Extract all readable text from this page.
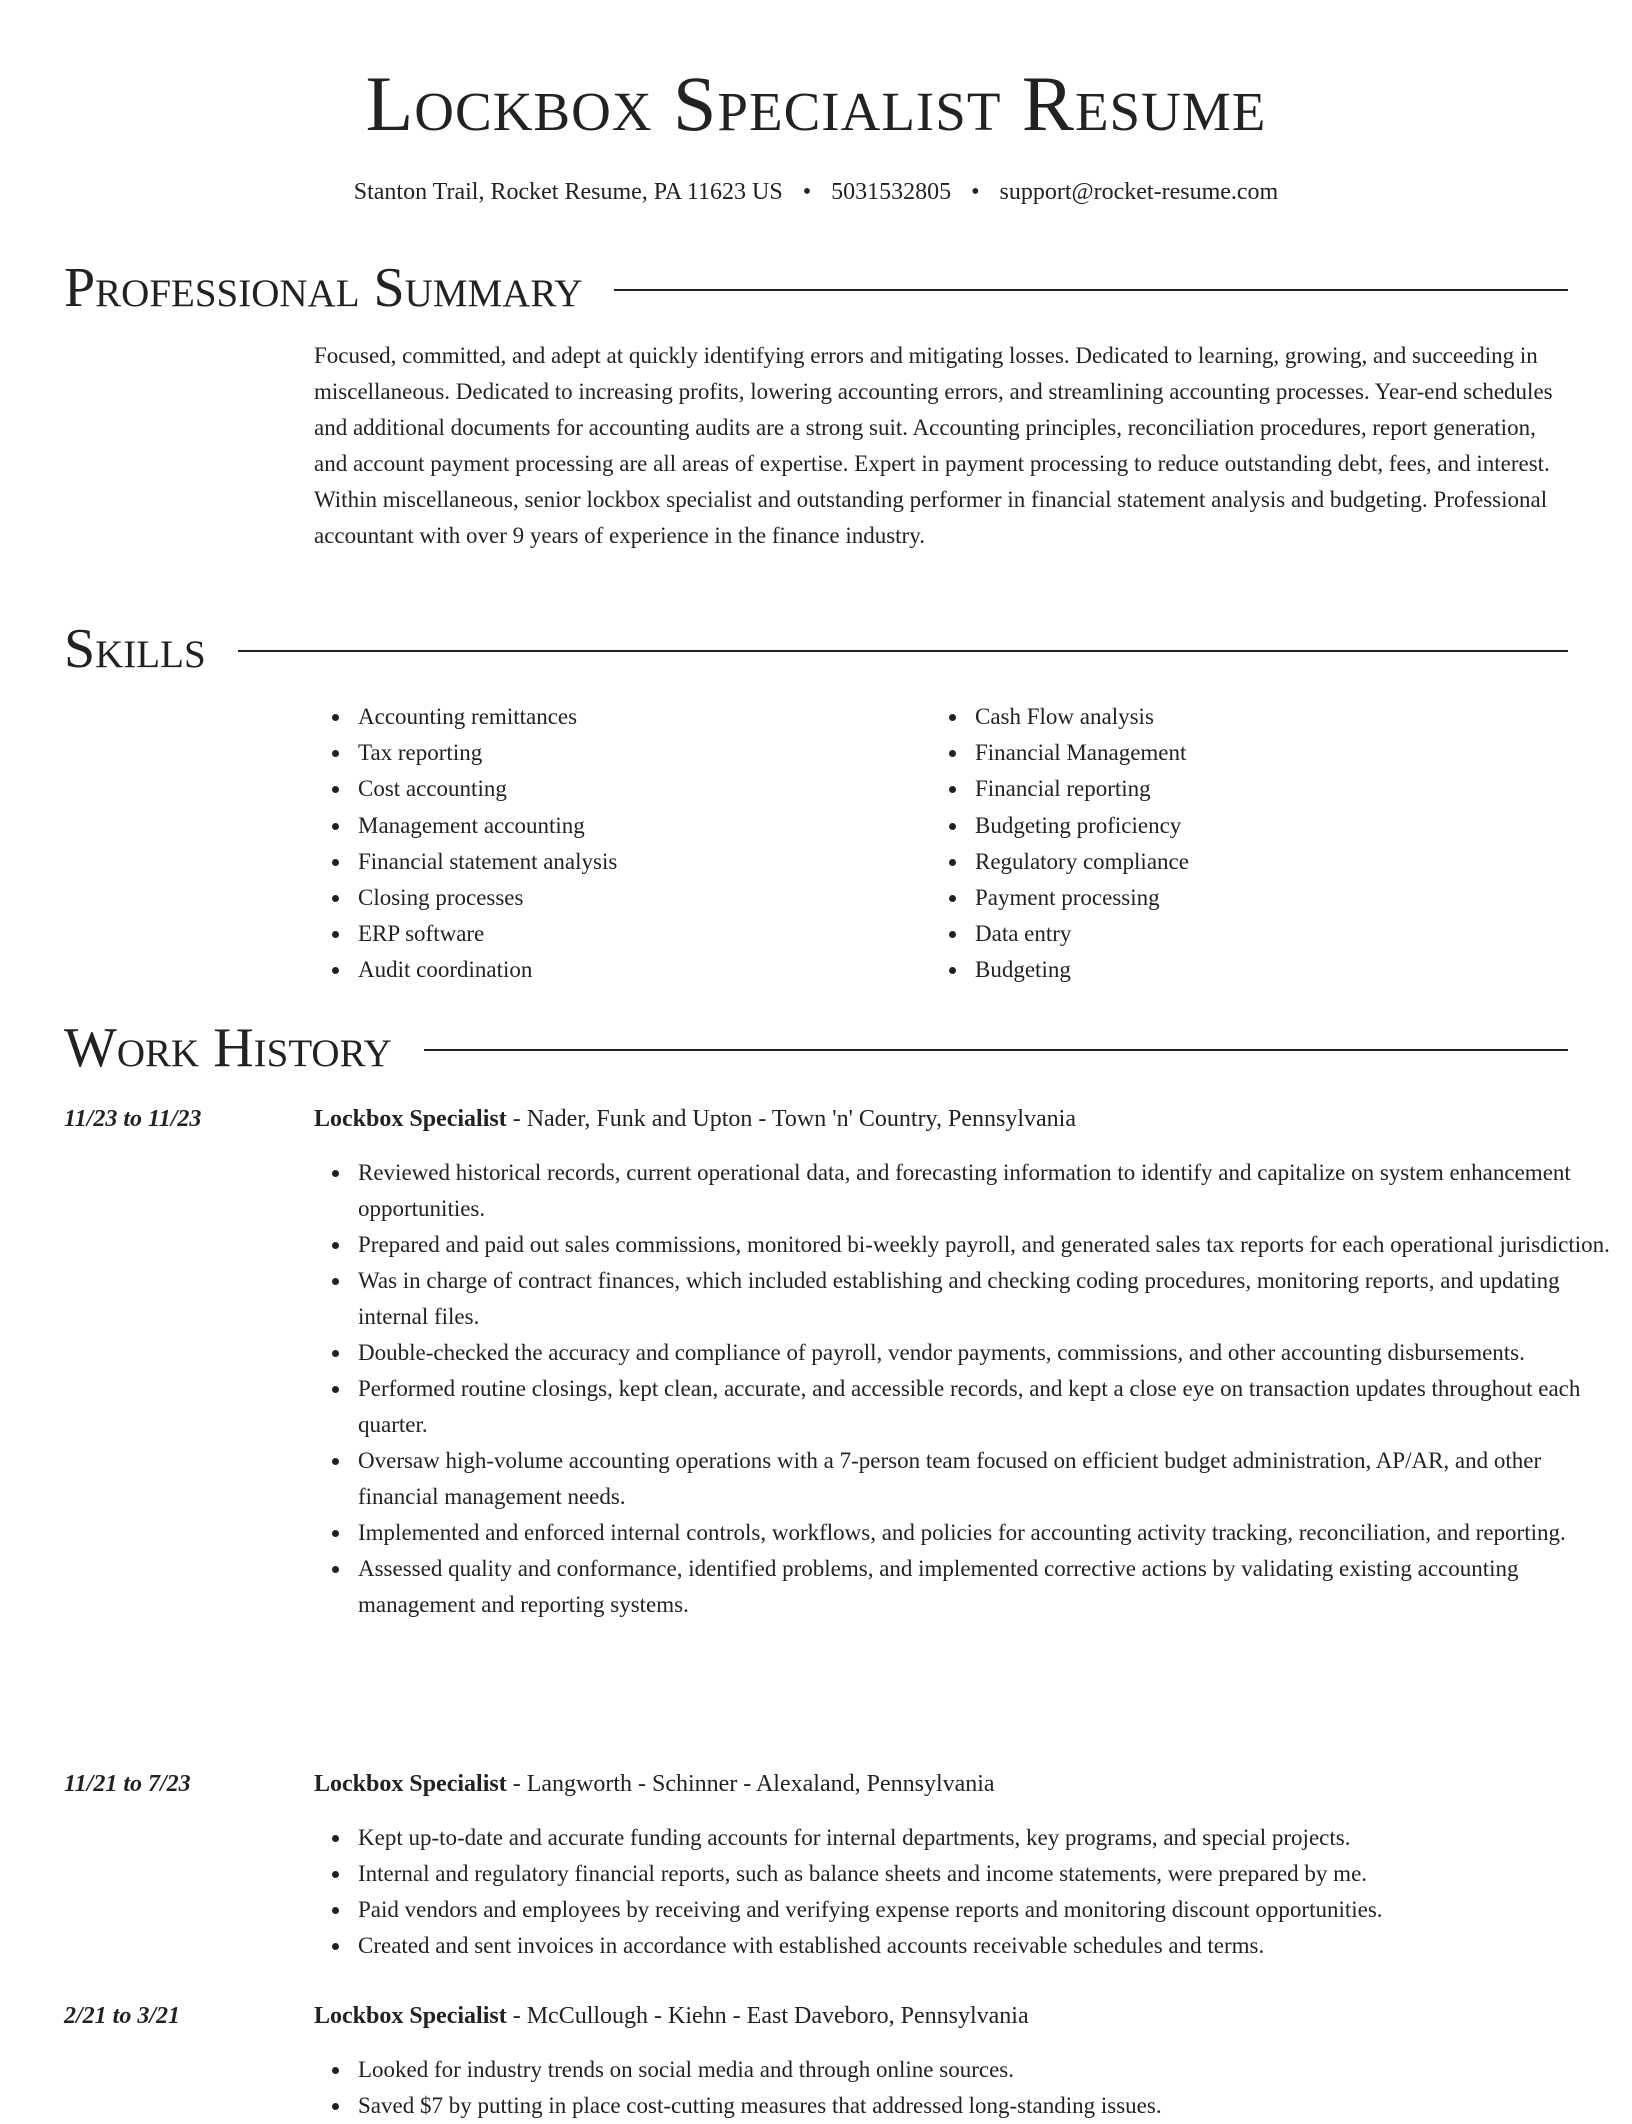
Lockbox Specialist Resume
Stanton Trail, Rocket Resume, PA 11623 US • 5031532805 • support@rocket-resume.com
Professional Summary
Focused, committed, and adept at quickly identifying errors and mitigating losses. Dedicated to learning, growing, and succeeding in miscellaneous. Dedicated to increasing profits, lowering accounting errors, and streamlining accounting processes. Year-end schedules and additional documents for accounting audits are a strong suit. Accounting principles, reconciliation procedures, report generation, and account payment processing are all areas of expertise. Expert in payment processing to reduce outstanding debt, fees, and interest. Within miscellaneous, senior lockbox specialist and outstanding performer in financial statement analysis and budgeting. Professional accountant with over 9 years of experience in the finance industry.
Skills
Accounting remittances
Tax reporting
Cost accounting
Management accounting
Financial statement analysis
Closing processes
ERP software
Audit coordination
Cash Flow analysis
Financial Management
Financial reporting
Budgeting proficiency
Regulatory compliance
Payment processing
Data entry
Budgeting
Work History
11/23 to 11/23	Lockbox Specialist - Nader, Funk and Upton - Town 'n' Country, Pennsylvania
Reviewed historical records, current operational data, and forecasting information to identify and capitalize on system enhancement opportunities.
Prepared and paid out sales commissions, monitored bi-weekly payroll, and generated sales tax reports for each operational jurisdiction.
Was in charge of contract finances, which included establishing and checking coding procedures, monitoring reports, and updating internal files.
Double-checked the accuracy and compliance of payroll, vendor payments, commissions, and other accounting disbursements.
Performed routine closings, kept clean, accurate, and accessible records, and kept a close eye on transaction updates throughout each quarter.
Oversaw high-volume accounting operations with a 7-person team focused on efficient budget administration, AP/AR, and other financial management needs.
Implemented and enforced internal controls, workflows, and policies for accounting activity tracking, reconciliation, and reporting.
Assessed quality and conformance, identified problems, and implemented corrective actions by validating existing accounting management and reporting systems.
11/21 to 7/23	Lockbox Specialist - Langworth - Schinner - Alexaland, Pennsylvania
Kept up-to-date and accurate funding accounts for internal departments, key programs, and special projects.
Internal and regulatory financial reports, such as balance sheets and income statements, were prepared by me.
Paid vendors and employees by receiving and verifying expense reports and monitoring discount opportunities.
Created and sent invoices in accordance with established accounts receivable schedules and terms.
2/21 to 3/21	Lockbox Specialist - McCullough - Kiehn - East Daveboro, Pennsylvania
Looked for industry trends on social media and through online sources.
Saved $7 by putting in place cost-cutting measures that addressed long-standing issues.
